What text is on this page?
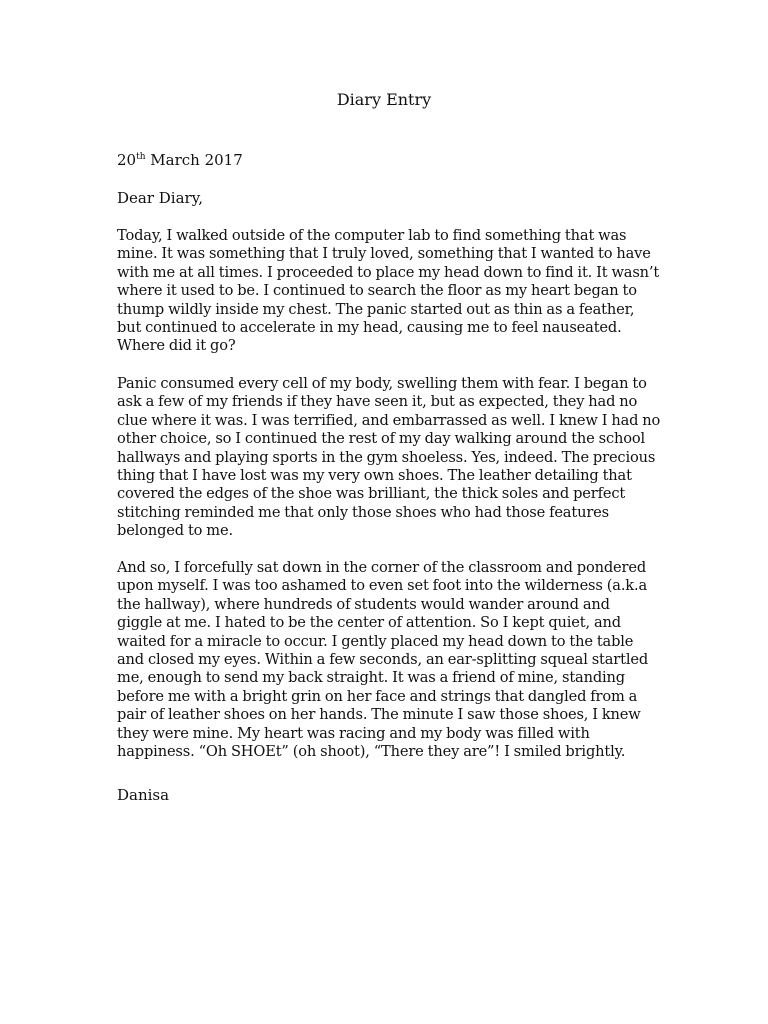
Diary Entry

20th March 2017

Dear Diary,

Today, I walked outside of the computer lab to find something that was
mine. It was something that I truly loved, something that I wanted to have
with me at all times. I proceeded to place my head down to find it. It wasn’t
where it used to be. I continued to search the floor as my heart began to
thump wildly inside my chest. The panic started out as thin as a feather,
but continued to accelerate in my head, causing me to feel nauseated.
Where did it go?

Panic consumed every cell of my body, swelling them with fear. I began to
ask a few of my friends if they have seen it, but as expected, they had no
clue where it was. I was terrified, and embarrassed as well. I knew I had no
other choice, so I continued the rest of my day walking around the school
hallways and playing sports in the gym shoeless. Yes, indeed. The precious
thing that I have lost was my very own shoes. The leather detailing that
covered the edges of the shoe was brilliant, the thick soles and perfect
stitching reminded me that only those shoes who had those features
belonged to me.

And so, I forcefully sat down in the corner of the classroom and pondered
upon myself. I was too ashamed to even set foot into the wilderness (a.k.a
the hallway), where hundreds of students would wander around and
giggle at me. I hated to be the center of attention. So I kept quiet, and
waited for a miracle to occur. I gently placed my head down to the table
and closed my eyes. Within a few seconds, an ear-splitting squeal startled
me, enough to send my back straight. It was a friend of mine, standing
before me with a bright grin on her face and strings that dangled from a
pair of leather shoes on her hands. The minute I saw those shoes, I knew
they were mine. My heart was racing and my body was filled with
happiness. “Oh SHOEt” (oh shoot), “There they are”! I smiled brightly.

Danisa
